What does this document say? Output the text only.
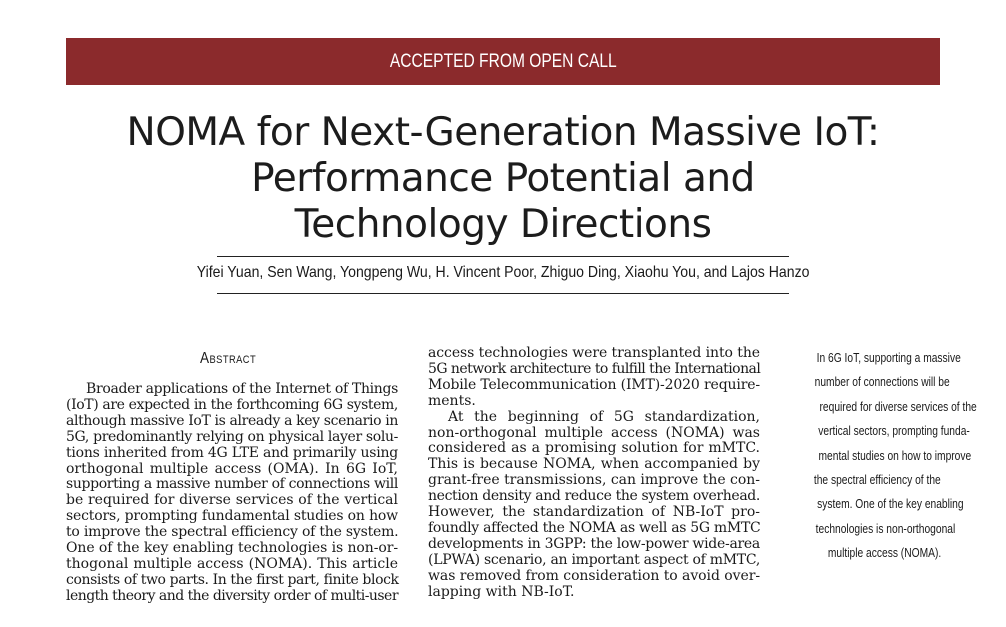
ACCEPTED FROM OPEN CALL
NOMA for Next-Generation Massive IoT:
Performance Potential and
Technology Directions
Yifei Yuan, Sen Wang, Yongpeng Wu, H. Vincent Poor, Zhiguo Ding, Xiaohu You, and Lajos Hanzo
Abstract
Broader applications of the Internet of Things
(IoT) are expected in the forthcoming 6G system,
although massive IoT is already a key scenario in
5G, predominantly relying on physical layer solu-
tions inherited from 4G LTE and primarily using
orthogonal multiple access (OMA). In 6G IoT,
supporting a massive number of connections will
be required for diverse services of the vertical
sectors, prompting fundamental studies on how
to improve the spectral efficiency of the system.
One of the key enabling technologies is non-or-
thogonal multiple access (NOMA). This article
consists of two parts. In the first part, finite block
length theory and the diversity order of multi-user
access technologies were transplanted into the
5G network architecture to fulfill the International
Mobile Telecommunication (IMT)-2020 require-
ments.
At the beginning of 5G standardization,
non-orthogonal multiple access (NOMA) was
considered as a promising solution for mMTC.
This is because NOMA, when accompanied by
grant-free transmissions, can improve the con-
nection density and reduce the system overhead.
However, the standardization of NB-IoT pro-
foundly affected the NOMA as well as 5G mMTC
developments in 3GPP: the low-power wide-area
(LPWA) scenario, an important aspect of mMTC,
was removed from consideration to avoid over-
lapping with NB-IoT.
In 6G IoT, supporting a massive
number of connections will be
required for diverse services of the
vertical sectors, prompting funda-
mental studies on how to improve
the spectral efficiency of the
system. One of the key enabling
technologies is non-orthogonal
multiple access (NOMA).
